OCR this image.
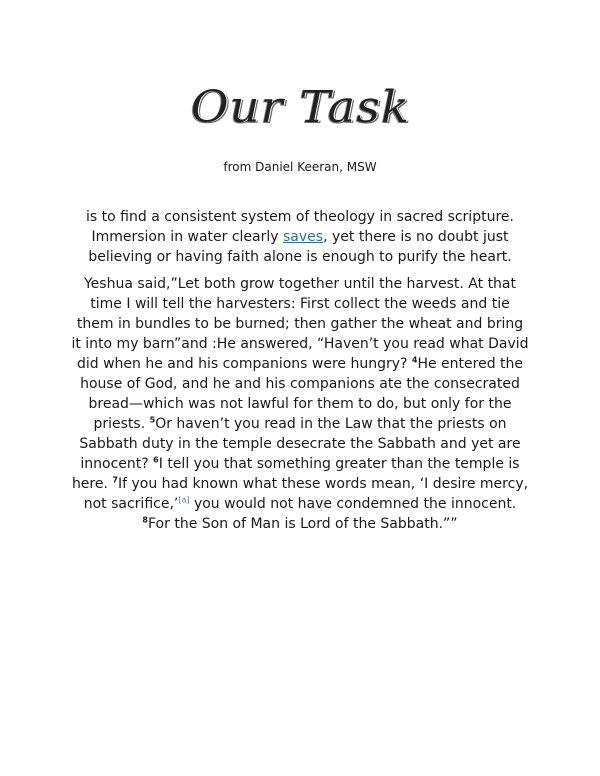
Our Task
from Daniel Keeran, MSW
is to find a consistent system of theology in sacred scripture. Immersion in water clearly saves, yet there is no doubt just believing or having faith alone is enough to purify the heart.
Yeshua said,”Let both grow together until the harvest. At that time I will tell the harvesters: First collect the weeds and tie them in bundles to be burned; then gather the wheat and bring it into my barn”and :He answered, “Haven’t you read what David did when he and his companions were hungry? $^4$He entered the house of God, and he and his companions ate the consecrated bread—which was not lawful for them to do, but only for the priests. $^5$Or haven’t you read in the Law that the priests on Sabbath duty in the temple desecrate the Sabbath and yet are innocent? $^6$I tell you that something greater than the temple is here. $^7$If you had known what these words mean, ‘I desire mercy, not sacrifice,’[a] you would not have condemned the innocent. $^8$For the Son of Man is Lord of the Sabbath.””
